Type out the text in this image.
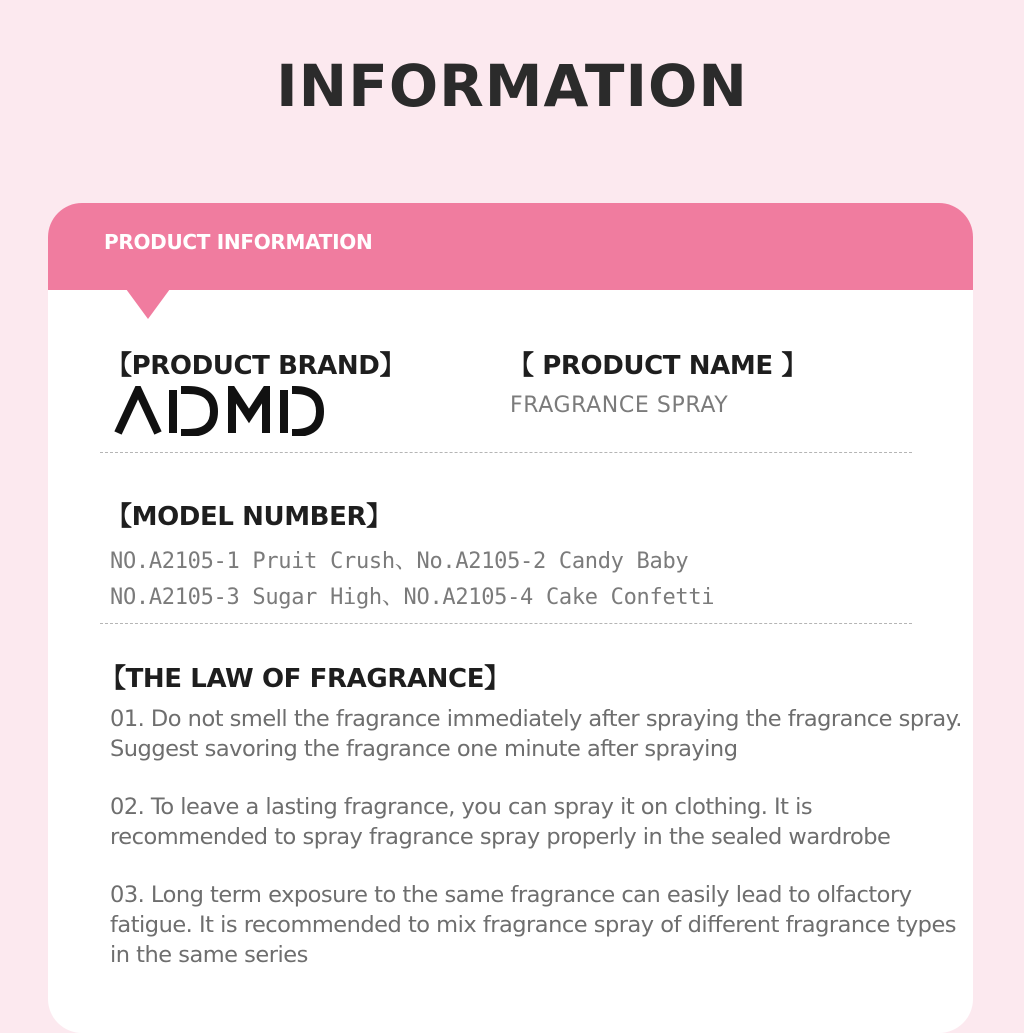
INFORMATION
PRODUCT INFORMATION
【PRODUCT BRAND】	【 PRODUCT NAME 】
FRAGRANCE SPRAY
【MODEL NUMBER】
NO.A2105-1 Pruit Crush、No.A2105-2 Candy Baby
NO.A2105-3 Sugar High、NO.A2105-4 Cake Confetti
【THE LAW OF FRAGRANCE】

01. Do not smell the fragrance immediately after spraying the fragrance spray. Suggest savoring the fragrance one minute after spraying

02. To leave a lasting fragrance, you can spray it on clothing. It is recommended to spray fragrance spray properly in the sealed wardrobe

03. Long term exposure to the same fragrance can easily lead to olfactory fatigue. It is recommended to mix fragrance spray of different fragrance types in the same series
